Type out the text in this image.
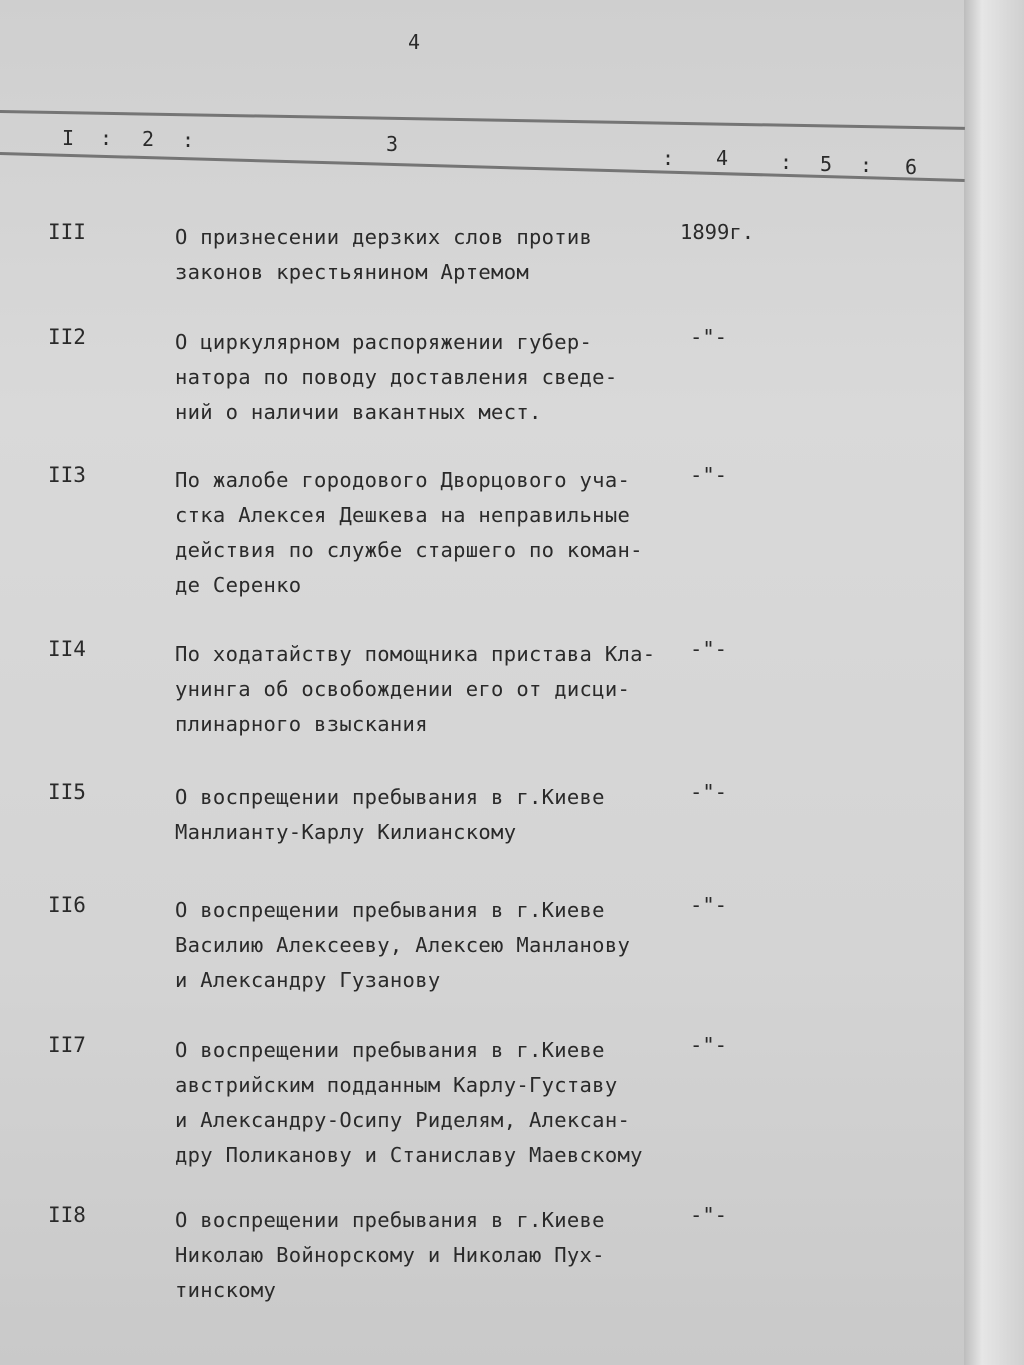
4
I : 2 :	3
: 4 : 5 : 6
III	О признесении дерзких слов против
законов крестьянином Артемом
1899г.
II2	О циркулярном распоряжении губер-
натора по поводу доставления сведе-
ний о наличии вакантных мест.
-"-
II3	По жалобе городового Дворцового уча-
стка Алексея Дешкева на неправильные
действия по службе старшего по коман-
де Серенко
-"-
II4	По ходатайству помощника пристава Кла-
унинга об освобождении его от дисци-
плинарного взыскания
-"-
II5	О воспрещении пребывания в г.Киеве
Манлианту-Карлу Килианскому
-"-
II6	О воспрещении пребывания в г.Киеве
Василию Алексееву, Алексею Манланову
и Александру Гузанову
-"-
II7	О воспрещении пребывания в г.Киеве
австрийским подданным Карлу-Густаву
и Александру-Осипу Риделям, Алексан-
дру Поликанову и Станиславу Маевскому
-"-
II8	О воспрещении пребывания в г.Киеве
Николаю Войнорскому и Николаю Пух-
тинскому
-"-
